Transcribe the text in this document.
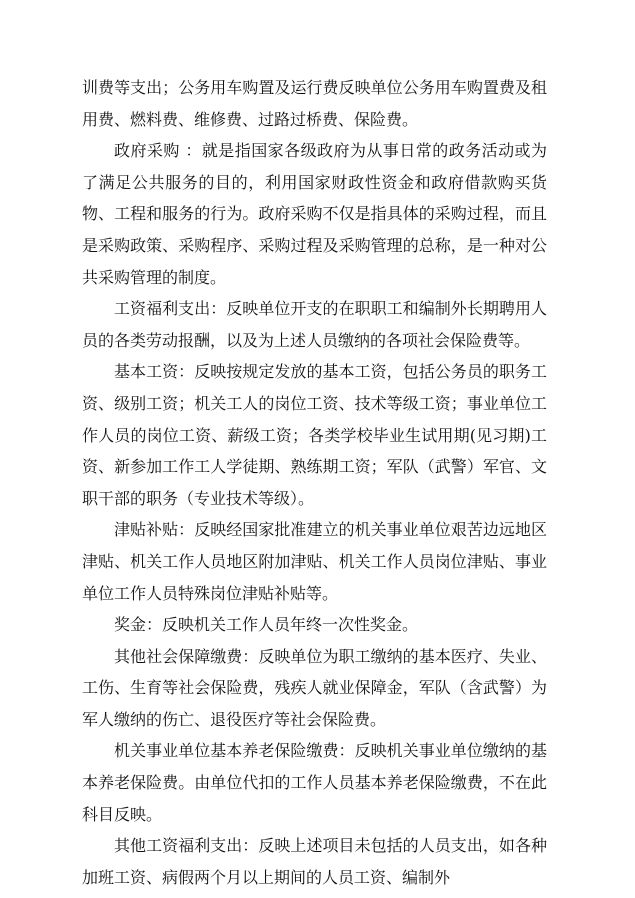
训费等支出；公务用车购置及运行费反映单位公务用车购置费及租用费、燃料费、维修费、过路过桥费、保险费。

政府采购 ：就是指国家各级政府为从事日常的政务活动或为了满足公共服务的目的，利用国家财政性资金和政府借款购买货物、工程和服务的行为。政府采购不仅是指具体的采购过程，而且是采购政策、采购程序、采购过程及采购管理的总称，是一种对公共采购管理的制度。

工资福利支出：反映单位开支的在职职工和编制外长期聘用人员的各类劳动报酬，以及为上述人员缴纳的各项社会保险费等。

基本工资：反映按规定发放的基本工资，包括公务员的职务工资、级别工资；机关工人的岗位工资、技术等级工资；事业单位工作人员的岗位工资、薪级工资；各类学校毕业生试用期(见习期)工资、新参加工作工人学徒期、熟练期工资；军队（武警）军官、文职干部的职务（专业技术等级）。

津贴补贴：反映经国家批准建立的机关事业单位艰苦边远地区津贴、机关工作人员地区附加津贴、机关工作人员岗位津贴、事业单位工作人员特殊岗位津贴补贴等。

奖金：反映机关工作人员年终一次性奖金。

其他社会保障缴费：反映单位为职工缴纳的基本医疗、失业、工伤、生育等社会保险费，残疾人就业保障金，军队（含武警）为军人缴纳的伤亡、退役医疗等社会保险费。

机关事业单位基本养老保险缴费：反映机关事业单位缴纳的基本养老保险费。由单位代扣的工作人员基本养老保险缴费，不在此科目反映。

其他工资福利支出：反映上述项目未包括的人员支出，如各种加班工资、病假两个月以上期间的人员工资、编制外
